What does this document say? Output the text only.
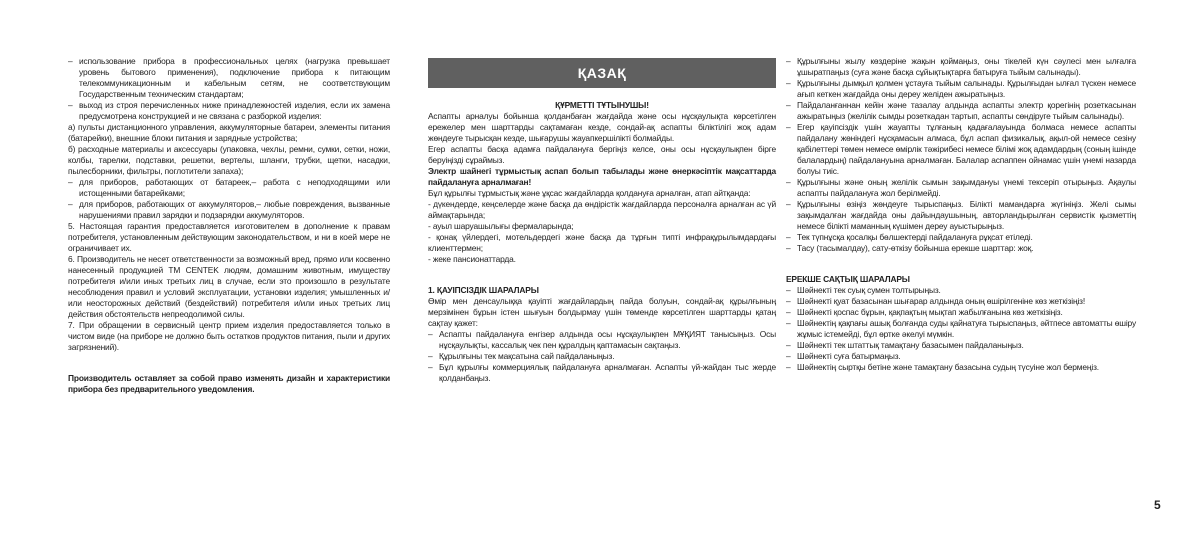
– использование прибора в профессиональных целях (нагрузка превышает уровень бытового применения), подключение прибора к питающим телекоммуникационным и кабельным сетям, не соответствующим Государственным техническим стандартам;

– выход из строя перечисленных ниже принадлежностей изделия, если их замена предусмотрена конструкцией и не связана с разборкой изделия:

а) пульты дистанционного управления, аккумуляторные батареи, элементы питания (батарейки), внешние блоки питания и зарядные устройства;

б) расходные материалы и аксессуары (упаковка, чехлы, ремни, сумки, сетки, ножи, колбы, тарелки, подставки, решетки, вертелы, шланги, трубки, щетки, насадки, пылесборники, фильтры, поглотители запаха);

– для приборов, работающих от батареек,– работа с неподходящими или истощенными батарейками;

– для приборов, работающих от аккумуляторов,– любые повреждения, вызванные нарушениями правил зарядки и подзарядки аккумуляторов.

5. Настоящая гарантия предоставляется изготовителем в дополнение к правам потребителя, установленным действующим законодательством, и ни в коей мере не ограничивает их.

6. Производитель не несет ответственности за возможный вред, прямо или косвенно нанесенный продукцией ТМ CENTEK людям, домашним животным, имуществу потребителя и/или иных третьих лиц в случае, если это произошло в результате несоблюдения правил и условий эксплуатации, установки изделия; умышленных и/или неосторожных действий (бездействий) потребителя и/или иных третьих лиц действия обстоятельств непреодолимой силы.

7. При обращении в сервисный центр прием изделия предоставляется только в чистом виде (на приборе не должно быть остатков продуктов питания, пыли и других загрязнений).

Производитель оставляет за собой право изменять дизайн и характеристики прибора без предварительного уведомления.

ҚАЗАҚ

ҚҰРМЕТТІ ТҰТЫНУШЫ!

Аспапты арналуы бойынша қолданбаған жағдайда және осы нұсқаулықта көрсетілген ережелер мен шарттарды сақтамаған кезде, сондай-ақ аспапты біліктілігі жоқ адам жөндеуге тырысқан кезде, шығарушы жауапкершілікті болмайды.

Егер аспапты басқа адамға пайдалануға бергіңіз келсе, оны осы нұсқаулықпен бірге беруіңізді сұраймыз.

Электр шайнегі тұрмыстық аспап болып табылады және өнеркәсіптік мақсаттарда пайдалануға арналмаған!

Бұл құрылғы тұрмыстық және ұқсас жағдайларда қолдануға арналған, атап айтқанда:

- дүкендерде, кеңселерде және басқа да өндірістік жағдайларда персоналға арналған ас үй аймақтарында;

- ауыл шаруашылығы фермаларында;

- қонақ үйлердегі, мотельдердегі және басқа да тұрғын типті инфрақұрылымдардағы клиенттермен;

- жеке пансионаттарда.

1. ҚАУІПСІЗДІК ШАРАЛАРЫ

Өмір мен денсаулыққа қауіпті жағдайлардың пайда болуын, сондай-ақ құрылғының мерзімінен бұрын істен шығуын болдырмау үшін төменде көрсетілген шарттарды қатаң сақтау қажет:

– Аспапты пайдалануға енгізер алдында осы нұсқаулықпен МҰҚИЯТ танысыңыз. Осы нұсқаулықты, кассалық чек пен құралдың қаптамасын сақтаңыз.

– Құрылғыны тек мақсатына сай пайдаланыңыз.

– Бұл құрылғы коммерциялық пайдалануға арналмаған. Аспапты үй-жайдан тыс жерде қолданбаңыз.

– Құрылғыны жылу көздеріне жақын қоймаңыз, оны тікелей күн сәулесі мен ылғалға ұшыратпаңыз (суға және басқа сұйықтықтарға батыруға тыйым салынады).

– Құрылғыны дымқыл қолмен ұстауға тыйым салынады. Құрылғыдан ылғал түскен немесе ағып кеткен жағдайда оны дереу желіден ажыратыңыз.

– Пайдаланғаннан кейін және тазалау алдында аспапты электр қорегінің розеткасынан ажыратыңыз (желілік сымды розеткадан тартып, аспапты сөндіруге тыйым салынады).

– Егер қауіпсіздік үшін жауапты тұлғаның қадағалауында болмаса немесе аспапты пайдалану жөніндегі нұсқамасын алмаса, бұл аспап физикалық, ақыл-ой немесе сезіну қабілеттері төмен немесе өмірлік тәжірибесі немесе білімі жоқ адамдардың (соның ішінде балалардың) пайдалануына арналмаған. Балалар аспаппен ойнамас үшін үнемі назарда болуы тиіс.

– Құрылғыны және оның желілік сымын зақымдануы үнемі тексеріп отырыңыз. Ақаулы аспапты пайдалануға жол берілмейді.

– Құрылғыны өзіңіз жөндеуге тырыспаңыз. Білікті мамандарға жүгініңіз. Желі сымы зақымдалған жағдайда оны дайындаушының, авторландырылған сервистік қызметтің немесе білікті маманның күшімен дереу ауыстырыңыз.

– Тек түпнұсқа қосалқы бөлшектерді пайдалануға рұқсат етіледі.

– Тасу (тасымалдау), сату-өткізу бойынша ерекше шарттар: жоқ.

ЕРЕКШЕ САҚТЫҚ ШАРАЛАРЫ

– Шәйнекті тек суық сумен толтырыңыз.

– Шәйнекті қуат базасынан шығарар алдында оның өшірілгеніне көз жеткізіңіз!

– Шәйнекті қоспас бұрын, қақпақтың мықтап жабылғанына көз жеткізіңіз.

– Шәйнектің қақпағы ашық болғанда суды қайнатуға тырыспаңыз, әйтпесе автоматты өшіру жұмыс істемейді, бұл өртке әкелуі мүмкін.

– Шәйнекті тек штаттық тамақтану базасымен пайдаланыңыз.

– Шәйнекті суға батырмаңыз.

– Шәйнектің сыртқы бетіне және тамақтану базасына судың түсуіне жол бермеңіз.

5
